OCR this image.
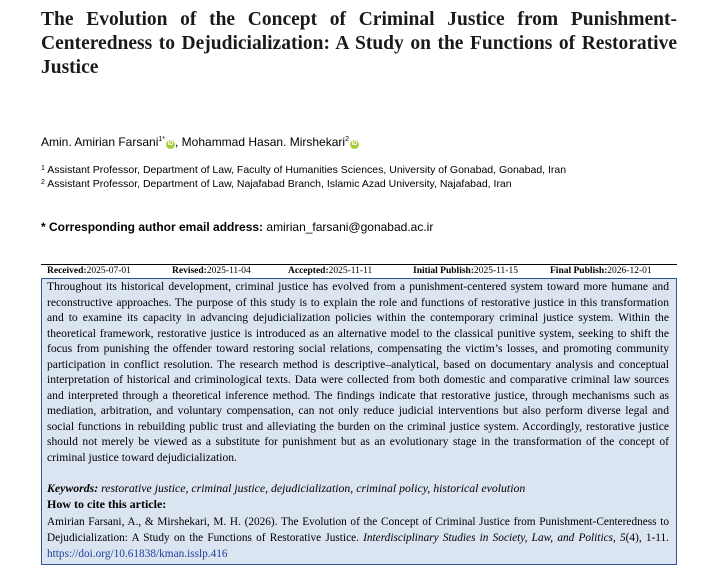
The Evolution of the Concept of Criminal Justice from Punishment-Centeredness to Dejudicialization: A Study on the Functions of Restorative Justice
Amin. Amirian Farsani$^{1*}$iD , Mohammad Hasan. Mirshekari$^2$iD
$^1$ Assistant Professor, Department of Law, Faculty of Humanities Sciences, University of Gonabad, Gonabad, Iran
$^2$ Assistant Professor, Department of Law, Najafabad Branch, Islamic Azad University, Najafabad, Iran
* Corresponding author email address: amirian_farsani@gonabad.ac.ir
Received: 2025-07-01	Revised: 2025-11-04	Accepted: 2025-11-11	Initial Publish: 2025-11-15	Final Publish: 2026-12-01

Throughout its historical development, criminal justice has evolved from a punishment-centered system toward more humane and reconstructive approaches. The purpose of this study is to explain the role and functions of restorative justice in this transformation and to examine its capacity in advancing dejudicialization policies within the contemporary criminal justice system. Within the theoretical framework, restorative justice is introduced as an alternative model to the classical punitive system, seeking to shift the focus from punishing the offender toward restoring social relations, compensating the victim’s losses, and promoting community participation in conflict resolution. The research method is descriptive–analytical, based on documentary analysis and conceptual interpretation of historical and criminological texts. Data were collected from both domestic and comparative criminal law sources and interpreted through a theoretical inference method. The findings indicate that restorative justice, through mechanisms such as mediation, arbitration, and voluntary compensation, can not only reduce judicial interventions but also perform diverse legal and social functions in rebuilding public trust and alleviating the burden on the criminal justice system. Accordingly, restorative justice should not merely be viewed as a substitute for punishment but as an evolutionary stage in the transformation of the concept of criminal justice toward dejudicialization.

Keywords: restorative justice, criminal justice, dejudicialization, criminal policy, historical evolution
How to cite this article:

Amirian Farsani, A., & Mirshekari, M. H. (2026). The Evolution of the Concept of Criminal Justice from Punishment-Centeredness to Dejudicialization: A Study on the Functions of Restorative Justice. Interdisciplinary Studies in Society, Law, and Politics, 5(4), 1-11. https://doi.org/10.61838/kman.isslp.416
